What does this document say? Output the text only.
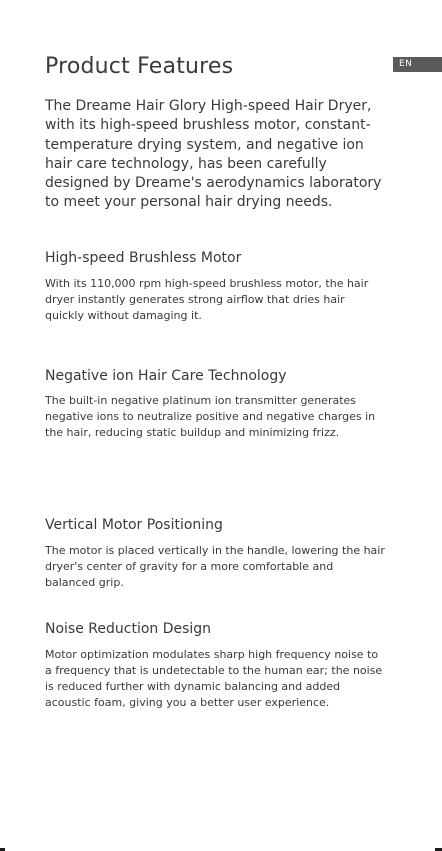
EN
Product Features

The Dreame Hair Glory High-speed Hair Dryer, with its high-speed brushless motor, constant-temperature drying system, and negative ion hair care technology, has been carefully designed by Dreame's aerodynamics laboratory to meet your personal hair drying needs.

High-speed Brushless Motor

With its 110,000 rpm high-speed brushless motor, the hair dryer instantly generates strong airflow that dries hair quickly without damaging it.

Negative ion Hair Care Technology

The built-in negative platinum ion transmitter generates negative ions to neutralize positive and negative charges in the hair, reducing static buildup and minimizing frizz.

Vertical Motor Positioning

The motor is placed vertically in the handle, lowering the hair dryer's center of gravity for a more comfortable and balanced grip.

Noise Reduction Design

Motor optimization modulates sharp high frequency noise to a frequency that is undetectable to the human ear; the noise is reduced further with dynamic balancing and added acoustic foam, giving you a better user experience.
